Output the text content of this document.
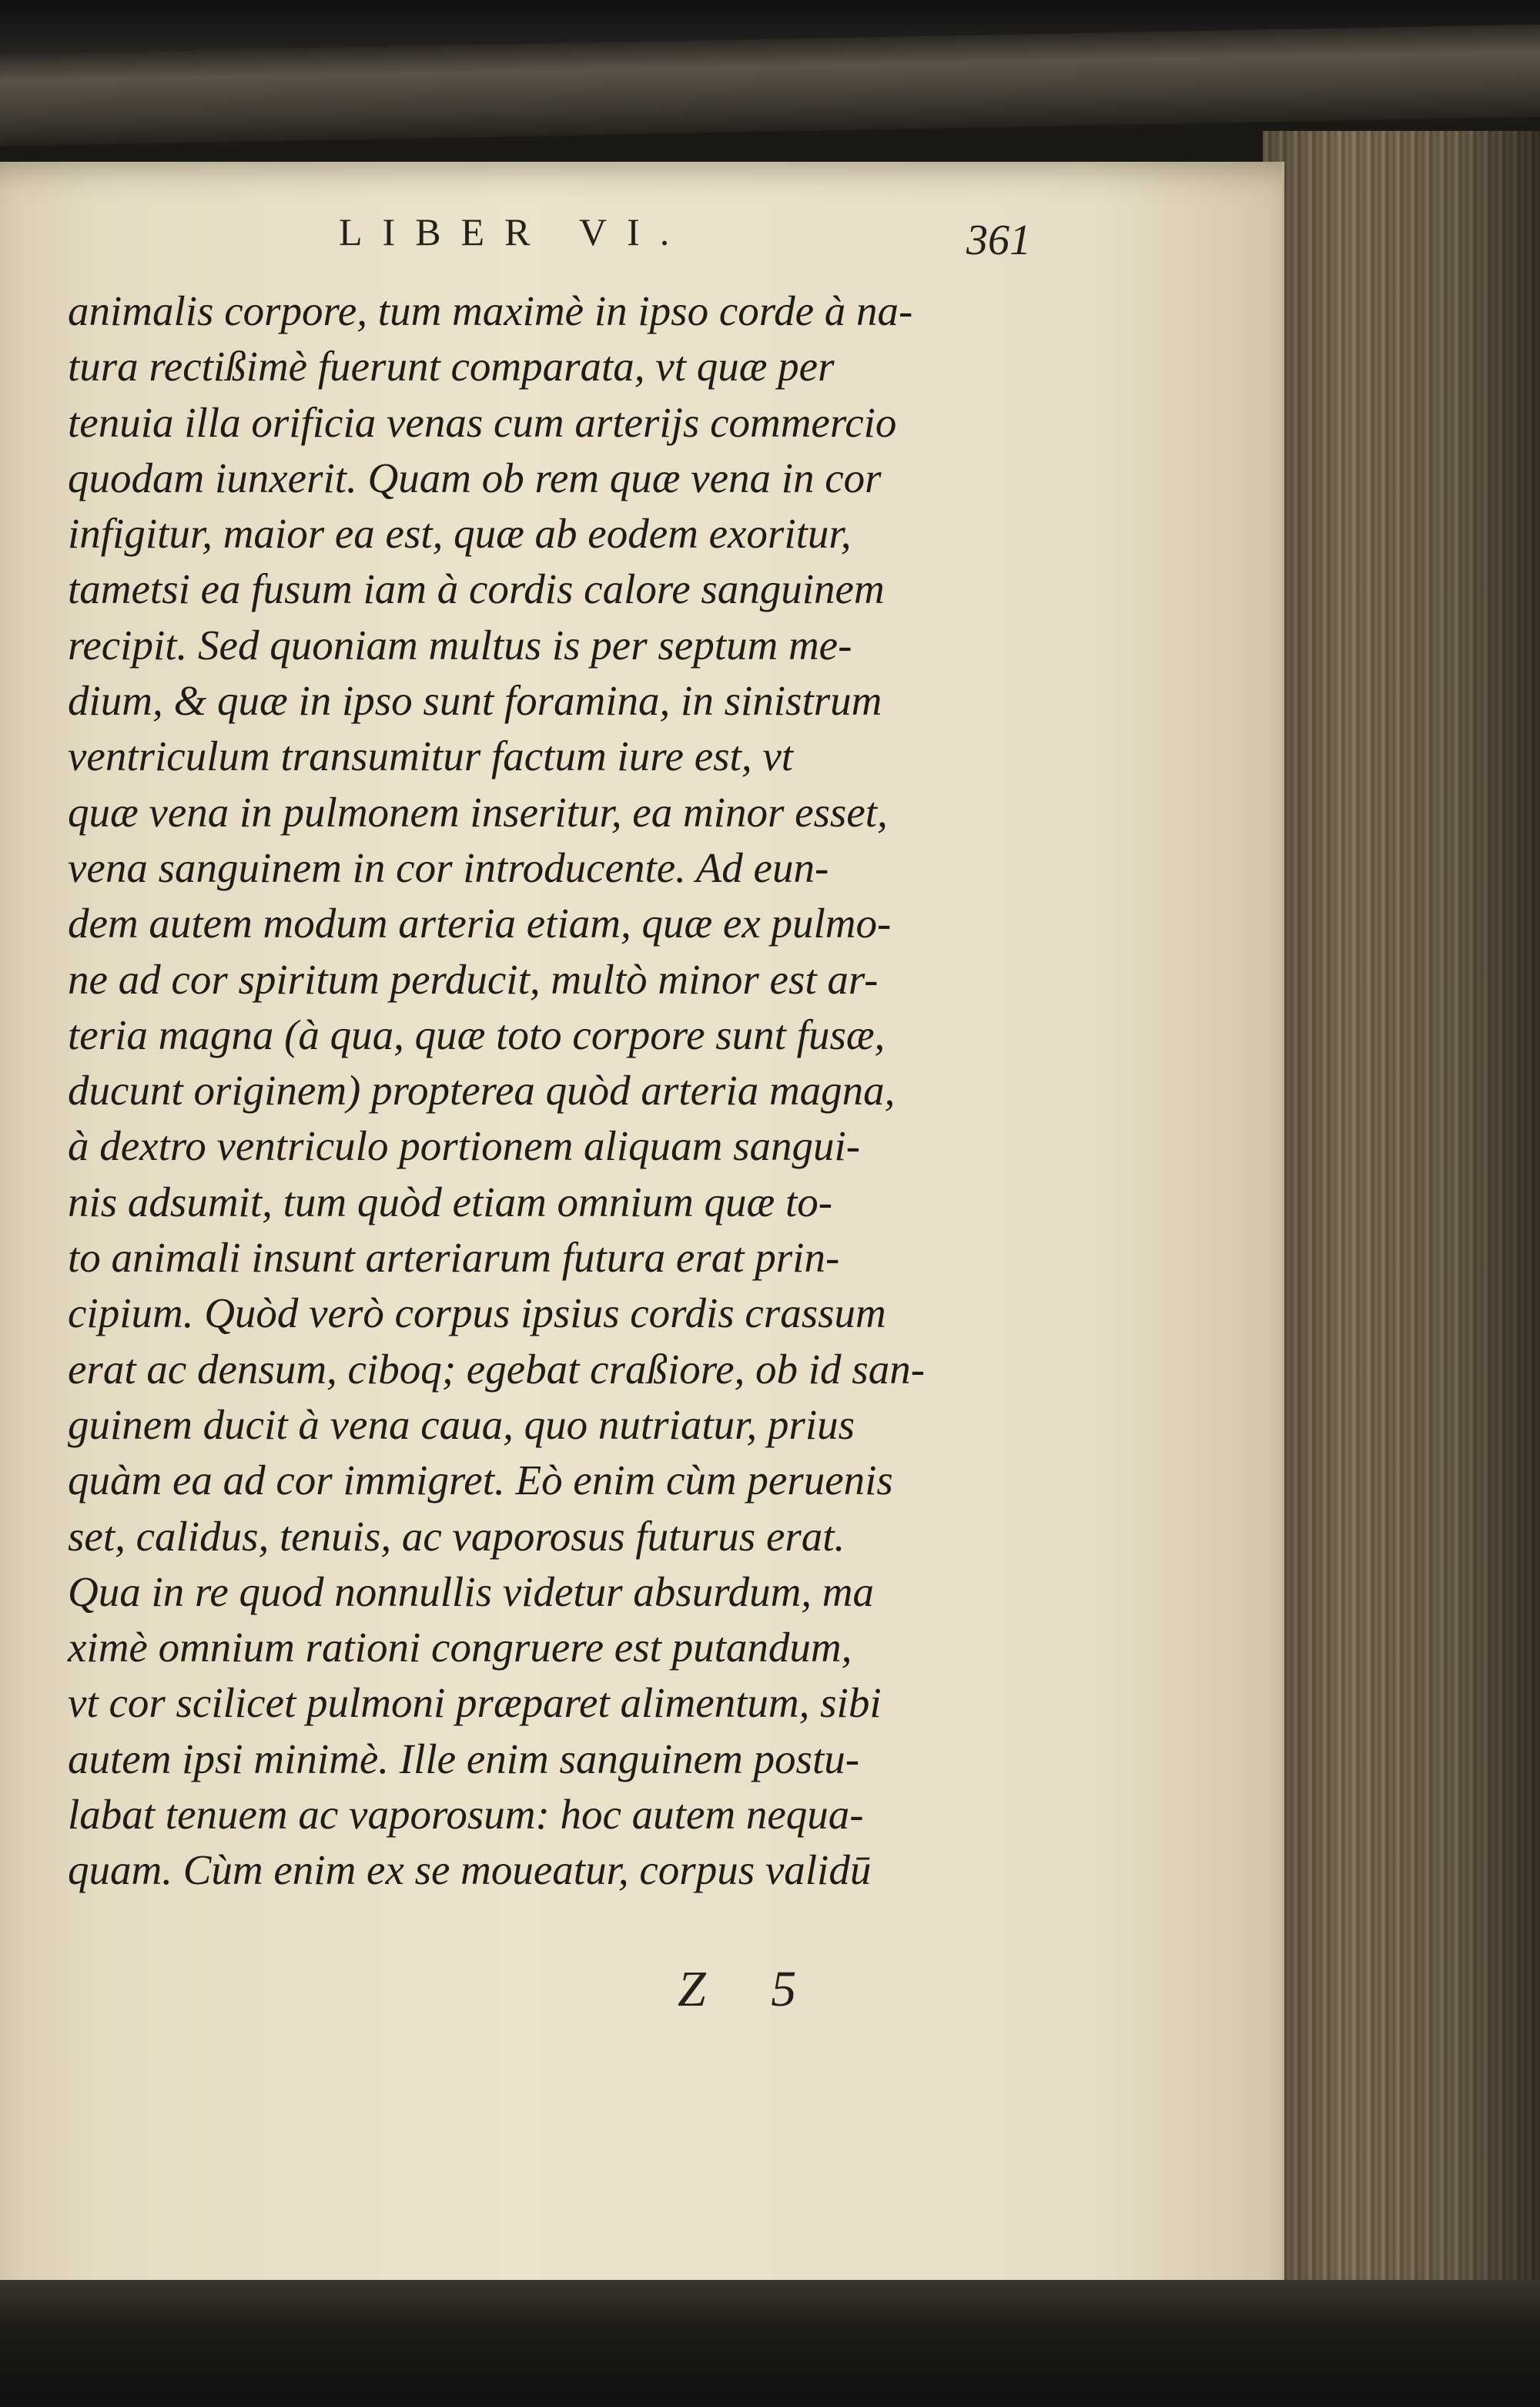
LIBER VI.	361
animalis corpore, tum maximè in ipso corde à na-
tura rectißimè fuerunt comparata, vt quæ per
tenuia illa orificia venas cum arterijs commercio
quodam iunxerit. Quam ob rem quæ vena in cor
infigitur, maior ea est, quæ ab eodem exoritur,
tametsi ea fusum iam à cordis calore sanguinem
recipit. Sed quoniam multus is per septum me-
dium, & quæ in ipso sunt foramina, in sinistrum
ventriculum transumitur factum iure est, vt
quæ vena in pulmonem inseritur, ea minor esset,
vena sanguinem in cor introducente. Ad eun-
dem autem modum arteria etiam, quæ ex pulmo-
ne ad cor spiritum perducit, multò minor est ar-
teria magna (à qua, quæ toto corpore sunt fusæ,
ducunt originem) propterea quòd arteria magna,
à dextro ventriculo portionem aliquam sangui-
nis adsumit, tum quòd etiam omnium quæ to-
to animali insunt arteriarum futura erat prin-
cipium. Quòd verò corpus ipsius cordis crassum
erat ac densum, ciboq; egebat craßiore, ob id san-
guinem ducit à vena caua, quo nutriatur, prius
quàm ea ad cor immigret. Eò enim cùm peruenis
set, calidus, tenuis, ac vaporosus futurus erat.
Qua in re quod nonnullis videtur absurdum, ma
ximè omnium rationi congruere est putandum,
vt cor scilicet pulmoni præparet alimentum, sibi
autem ipsi minimè. Ille enim sanguinem postu-
labat tenuem ac vaporosum: hoc autem nequa-
quam. Cùm enim ex se moueatur, corpus validū
Z 5
